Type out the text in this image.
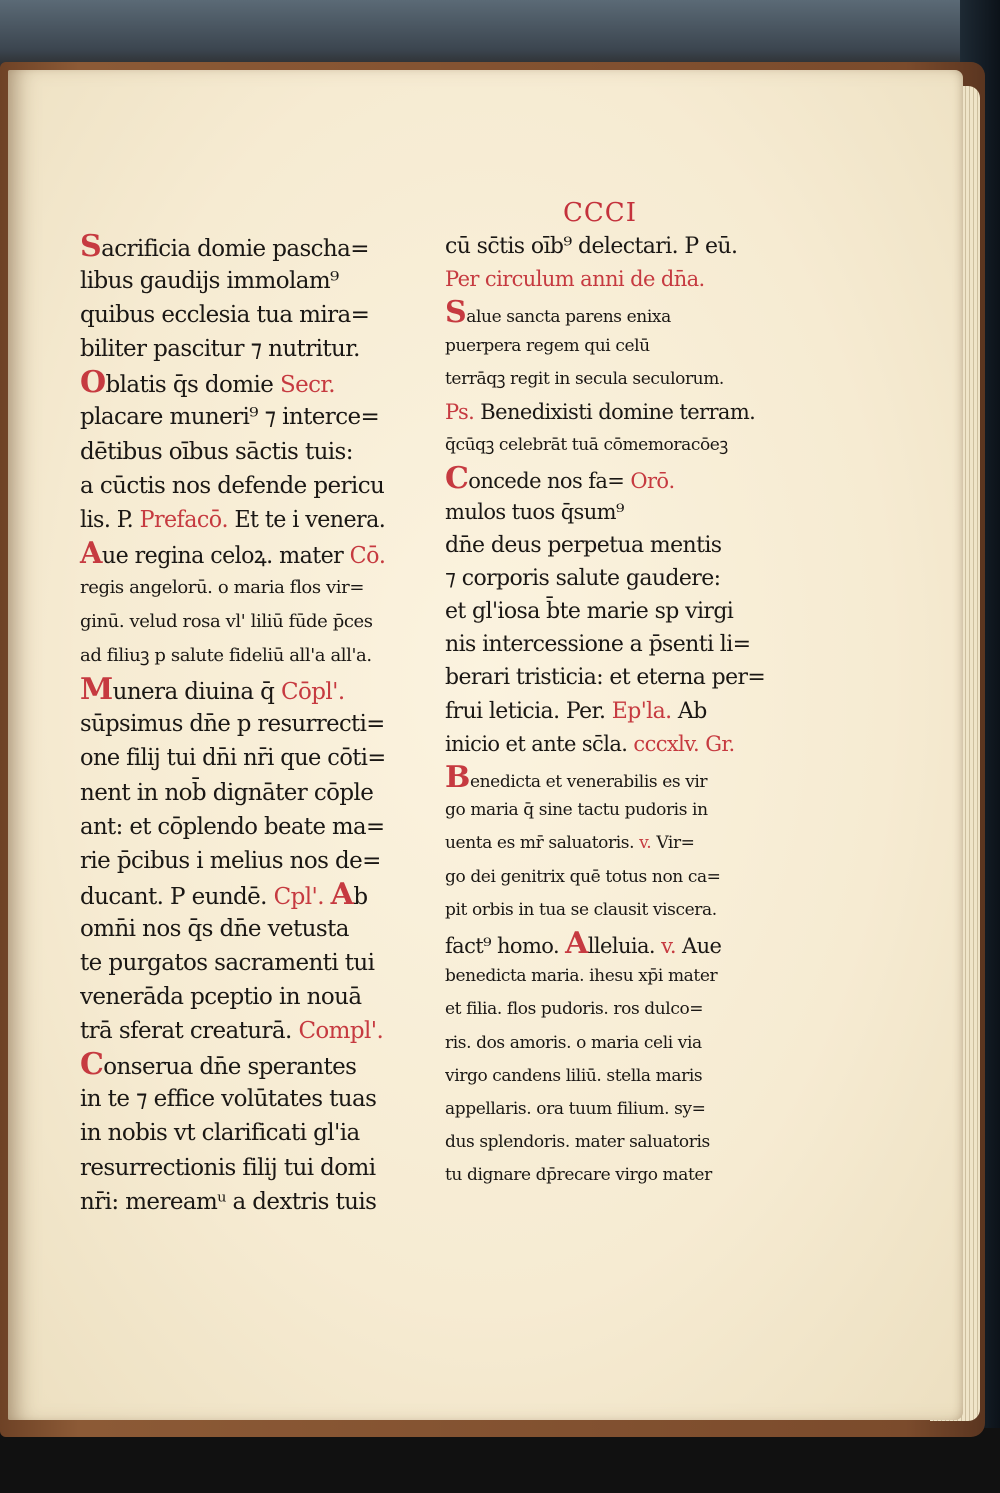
CCCI
Sacrificia domie pascha=
libus gaudijs immolam⁹
quibus ecclesia tua mira=
biliter pascitur ⁊ nutritur.
Oblatis q̄s domie Secr.
placare muneri⁹ ⁊ interce=
dētibus oībus sāctis tuis:
a cūctis nos defende pericu
lis. P. Prefacō. Et te i venera.
Aue regina celoꝝ. mater Cō.
regis angelorū. o maria flos vir=
ginū. velud rosa vl' liliū fūde p̄ces
ad filiuꝫ p salute fideliū all'a all'a.
Munera diuina q̄ Cōpl'.
sūpsimus dn̄e p resurrecti=
one filij tui dn̄i nr̄i que cōti=
nent in nob̄ dignāter cōple
ant: et cōplendo beate ma=
rie p̄cibus i melius nos de=
ducant. P eundē. Cpl'. Ab
omn̄i nos q̄s dn̄e vetusta
te purgatos sacramenti tui
venerāda pceptio in nouā
trā sferat creaturā. Compl'.
Conserua dn̄e sperantes
in te ⁊ effice volūtates tuas
in nobis vt clarificati gl'ia
resurrectionis filij tui domi
nr̄i: mereamᵘ a dextris tuis
cū sc̄tis oīb⁹ delectari. P eū.
Per circulum anni de dn̄a.
Salue sancta parens enixa
puerpera regem qui celū
terrāqꝫ regit in secula seculorum.
Ps. Benedixisti domine terram.
q̄cūqꝫ celebrāt tuā cōmemoracōeꝫ
Concede nos fa= Orō.
mulos tuos q̄sum⁹
dn̄e deus perpetua mentis
⁊ corporis salute gaudere:
et gl'iosa b̄te marie sp virgi
nis intercessione a p̄senti li=
berari tristicia: et eterna per=
frui leticia. Per. Ep'la. Ab
inicio et ante sc̄la. cccxlv. Gr.
Benedicta et venerabilis es vir
go maria q̄ sine tactu pudoris in
uenta es mr̄ saluatoris. v. Vir=
go dei genitrix quē totus non ca=
pit orbis in tua se clausit viscera.
fact⁹ homo. Alleluia. v. Aue
benedicta maria. ihesu xp̄i mater
et filia. flos pudoris. ros dulco=
ris. dos amoris. o maria celi via
virgo candens liliū. stella maris
appellaris. ora tuum filium. sy=
dus splendoris. mater saluatoris
tu dignare dp̄recare virgo mater
